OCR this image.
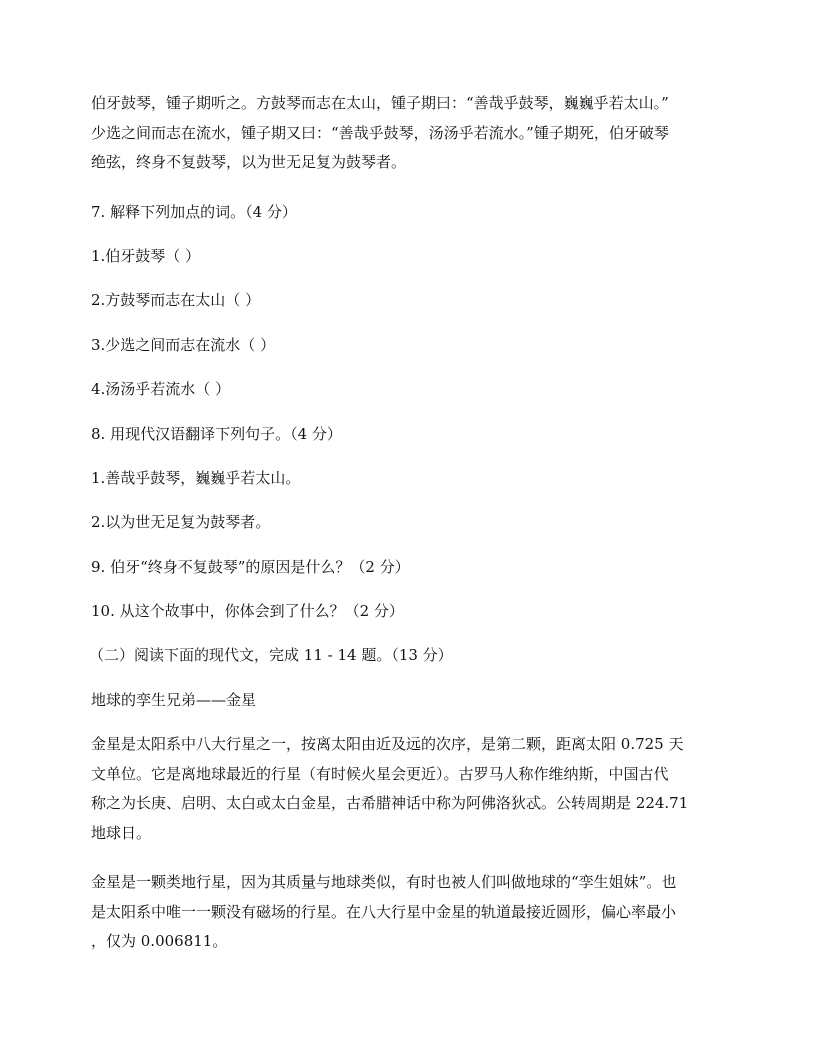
伯牙鼓琴，锺子期听之。方鼓琴而志在太山，锺子期曰：“善哉乎鼓琴，巍巍乎若太山。”
少选之间而志在流水，锺子期又曰：“善哉乎鼓琴，汤汤乎若流水。”锺子期死，伯牙破琴
绝弦，终身不复鼓琴，以为世无足复为鼓琴者。
7. 解释下列加点的词。（4 分）
1.伯牙鼓琴（ ）
2.方鼓琴而志在太山（ ）
3.少选之间而志在流水（ ）
4.汤汤乎若流水（ ）
8. 用现代汉语翻译下列句子。（4 分）
1.善哉乎鼓琴，巍巍乎若太山。
2.以为世无足复为鼓琴者。
9. 伯牙“终身不复鼓琴”的原因是什么？（2 分）
10. 从这个故事中，你体会到了什么？（2 分）
（二）阅读下面的现代文，完成 11 - 14 题。（13 分）
地球的孪生兄弟——金星
金星是太阳系中八大行星之一，按离太阳由近及远的次序，是第二颗，距离太阳 0.725 天
文单位。它是离地球最近的行星（有时候火星会更近）。古罗马人称作维纳斯，中国古代
称之为长庚、启明、太白或太白金星，古希腊神话中称为阿佛洛狄忒。公转周期是 224.71
地球日。
金星是一颗类地行星，因为其质量与地球类似，有时也被人们叫做地球的“孪生姐妹”。也
是太阳系中唯一一颗没有磁场的行星。在八大行星中金星的轨道最接近圆形，偏心率最小
，仅为 0.006811。
